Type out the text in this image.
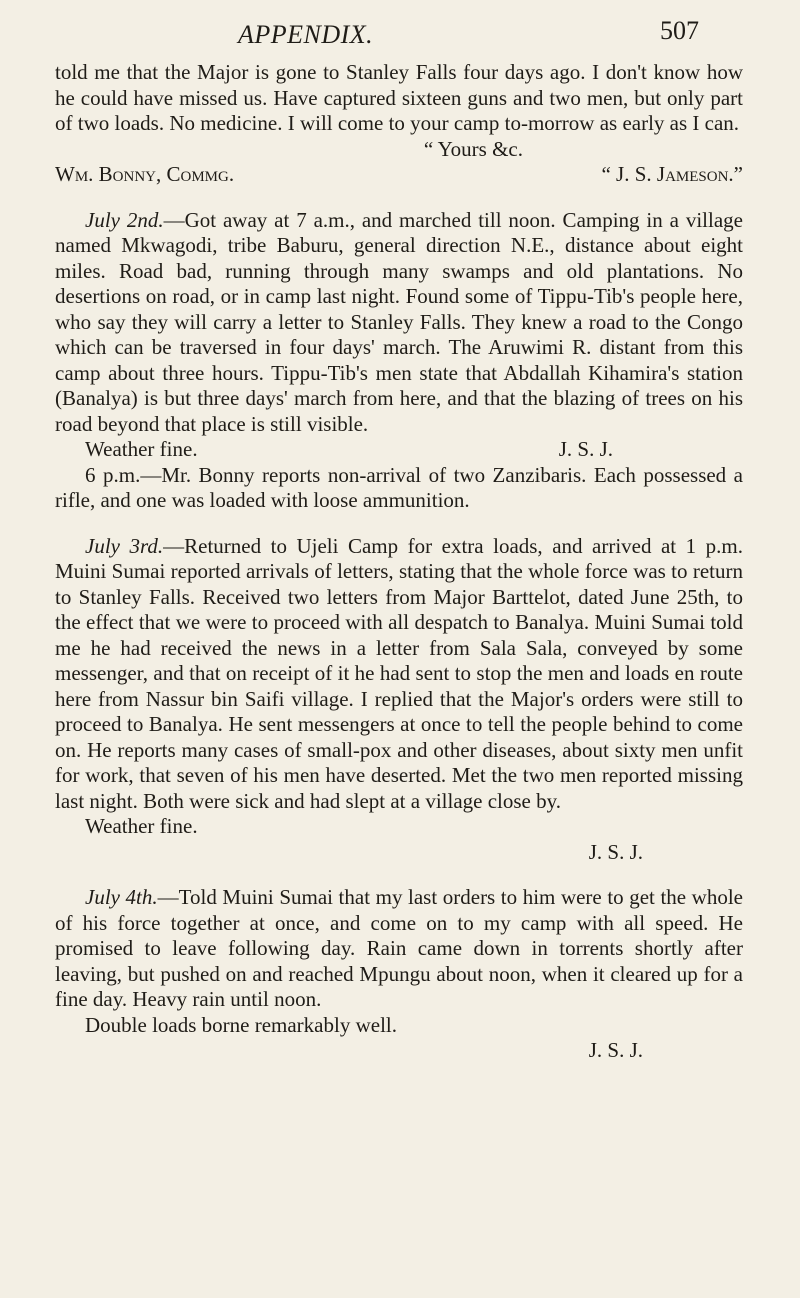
APPENDIX.	507

told me that the Major is gone to Stanley Falls four days ago. I don't know how he could have missed us. Have captured sixteen guns and two men, but only part of two loads. No medicine. I will come to your camp to-morrow as early as I can.

“ Yours &c.

Wm. Bonny, Commg.	“ J. S. Jameson.”

July 2nd.—Got away at 7 a.m., and marched till noon. Camping in a village named Mkwagodi, tribe Baburu, general direction N.E., distance about eight miles. Road bad, running through many swamps and old plantations. No desertions on road, or in camp last night. Found some of Tippu-Tib's people here, who say they will carry a letter to Stanley Falls. They knew a road to the Congo which can be traversed in four days' march. The Aruwimi R. distant from this camp about three hours. Tippu-Tib's men state that Abdallah Kihamira's station (Banalya) is but three days' march from here, and that the blazing of trees on his road beyond that place is still visible.

Weather fine.	J. S. J.

6 p.m.—Mr. Bonny reports non-arrival of two Zanzibaris. Each possessed a rifle, and one was loaded with loose ammunition.

July 3rd.—Returned to Ujeli Camp for extra loads, and arrived at 1 p.m. Muini Sumai reported arrivals of letters, stating that the whole force was to return to Stanley Falls. Received two letters from Major Barttelot, dated June 25th, to the effect that we were to proceed with all despatch to Banalya. Muini Sumai told me he had received the news in a letter from Sala Sala, conveyed by some messenger, and that on receipt of it he had sent to stop the men and loads en route here from Nassur bin Saifi village. I replied that the Major's orders were still to proceed to Banalya. He sent messengers at once to tell the people behind to come on. He reports many cases of small-pox and other diseases, about sixty men unfit for work, that seven of his men have deserted. Met the two men reported missing last night. Both were sick and had slept at a village close by.

Weather fine.

J. S. J.

July 4th.—Told Muini Sumai that my last orders to him were to get the whole of his force together at once, and come on to my camp with all speed. He promised to leave following day. Rain came down in torrents shortly after leaving, but pushed on and reached Mpungu about noon, when it cleared up for a fine day. Heavy rain until noon.

Double loads borne remarkably well.

J. S. J.
